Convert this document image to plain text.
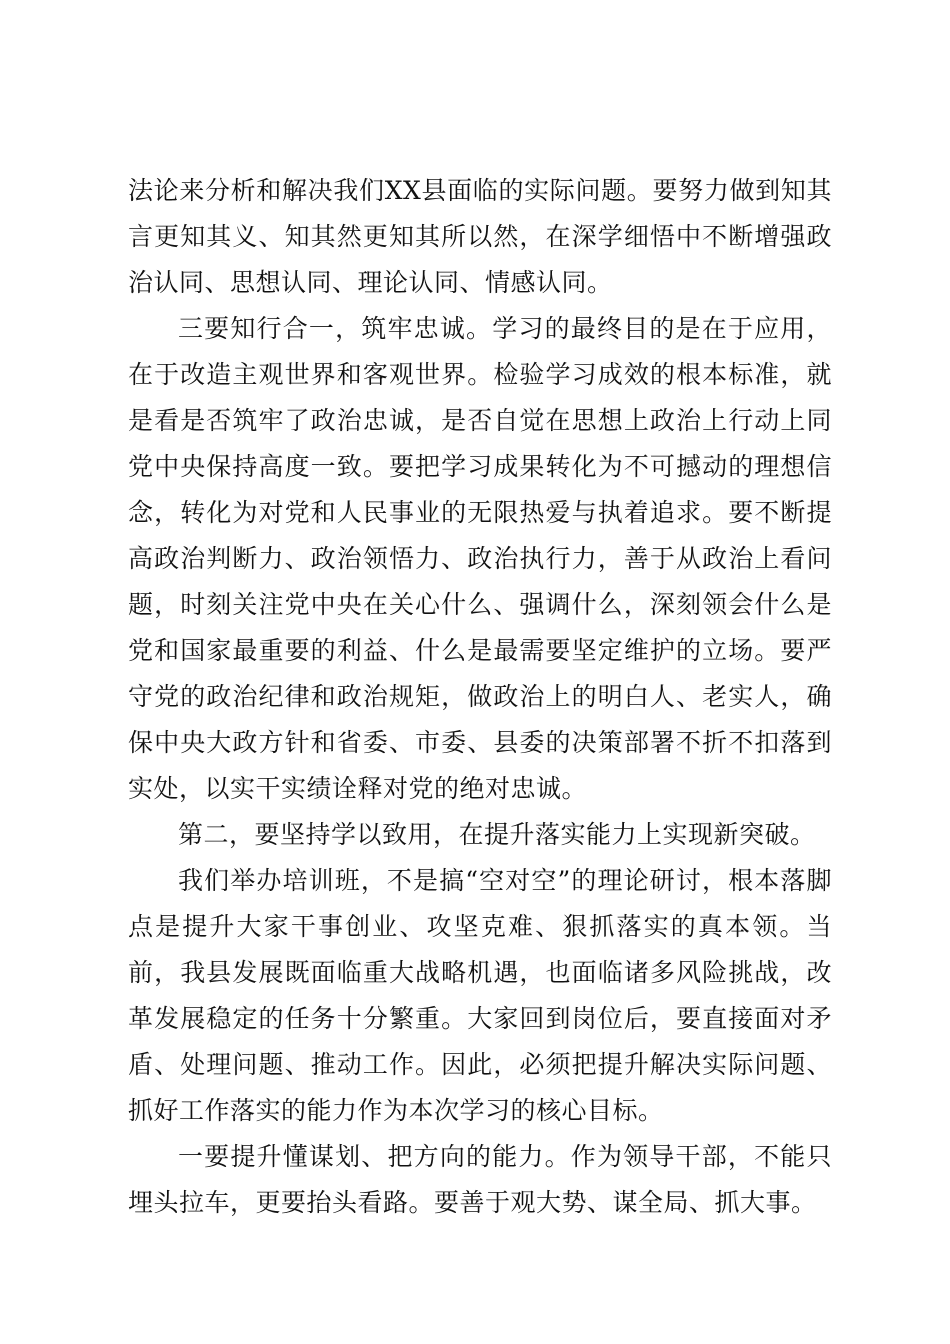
法论来分析和解决我们XX县面临的实际问题。要努力做到知其言更知其义、知其然更知其所以然，在深学细悟中不断增强政治认同、思想认同、理论认同、情感认同。

三要知行合一，筑牢忠诚。学习的最终目的是在于应用，在于改造主观世界和客观世界。检验学习成效的根本标准，就是看是否筑牢了政治忠诚，是否自觉在思想上政治上行动上同党中央保持高度一致。要把学习成果转化为不可撼动的理想信念，转化为对党和人民事业的无限热爱与执着追求。要不断提高政治判断力、政治领悟力、政治执行力，善于从政治上看问题，时刻关注党中央在关心什么、强调什么，深刻领会什么是党和国家最重要的利益、什么是最需要坚定维护的立场。要严守党的政治纪律和政治规矩，做政治上的明白人、老实人，确保中央大政方针和省委、市委、县委的决策部署不折不扣落到实处，以实干实绩诠释对党的绝对忠诚。

第二，要坚持学以致用，在提升落实能力上实现新突破。

我们举办培训班，不是搞“空对空”的理论研讨，根本落脚点是提升大家干事创业、攻坚克难、狠抓落实的真本领。当前，我县发展既面临重大战略机遇，也面临诸多风险挑战，改革发展稳定的任务十分繁重。大家回到岗位后，要直接面对矛盾、处理问题、推动工作。因此，必须把提升解决实际问题、抓好工作落实的能力作为本次学习的核心目标。

一要提升懂谋划、把方向的能力。作为领导干部，不能只埋头拉车，更要抬头看路。要善于观大势、谋全局、抓大事。
